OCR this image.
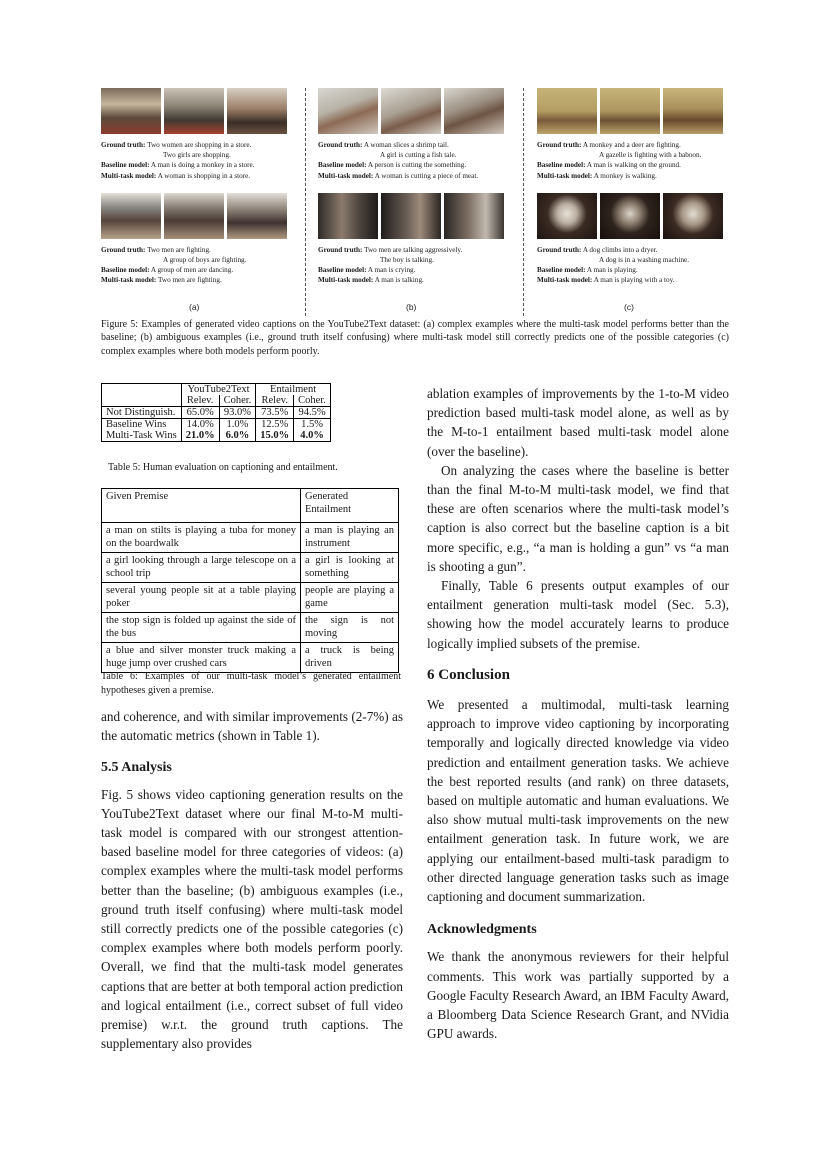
Ground truth: Two women are shopping in a store.
Two girls are shopping.
Baseline model: A man is doing a monkey in a store.
Multi-task model: A woman is shopping in a store.
Ground truth: Two men are fighting.
A group of boys are fighting.
Baseline model: A group of men are dancing.
Multi-task model: Two men are fighting.
(a)
Ground truth: A woman slices a shrimp tail.
A girl is cutting a fish tale.
Baseline model: A person is cutting the something.
Multi-task model: A woman is cutting a piece of meat.
Ground truth: Two men are talking aggressively.
The boy is talking.
Baseline model: A man is crying.
Multi-task model: A man is talking.
(b)
Ground truth: A monkey and a deer are fighting.
A gazelle is fighting with a baboon.
Baseline model: A man is walking on the ground.
Multi-task model: A monkey is walking.
Ground truth: A dog climbs into a dryer.
A dog is in a washing machine.
Baseline model: A man is playing.
Multi-task model: A man is playing with a toy.
(c)
Figure 5: Examples of generated video captions on the YouTube2Text dataset: (a) complex examples where the multi-task model performs better than the baseline; (b) ambiguous examples (i.e., ground truth itself confusing) where multi-task model still correctly predicts one of the possible categories (c) complex examples where both models perform poorly.
	YouTube2Text		Entailment	
	Relev.	Coher.	Relev.	Coher.
Not Distinguish.	65.0%	93.0%	73.5%	94.5%
Baseline Wins	14.0%	1.0%	12.5%	1.5%
Multi-Task Wins	21.0%	6.0%	15.0%	4.0%
Table 5: Human evaluation on captioning and entailment.
Given Premise	Generated Entailment
a man on stilts is playing a tuba for money on the boardwalk	a man is playing an instrument
a girl looking through a large telescope on a school trip	a girl is looking at something
several young people sit at a table playing poker	people are playing a game
the stop sign is folded up against the side of the bus	the sign is not moving
a blue and silver monster truck making a huge jump over crushed cars	a truck is being driven
Table 6: Examples of our multi-task model’s generated entailment hypotheses given a premise.

and coherence, and with similar improvements (2-7%) as the automatic metrics (shown in Table 1).

5.5 Analysis

Fig. 5 shows video captioning generation results on the YouTube2Text dataset where our final M-to-M multi-task model is compared with our strongest attention-based baseline model for three categories of videos: (a) complex examples where the multi-task model performs better than the baseline; (b) ambiguous examples (i.e., ground truth itself confusing) where multi-task model still correctly predicts one of the possible categories (c) complex examples where both models perform poorly. Overall, we find that the multi-task model generates captions that are better at both temporal action prediction and logical entailment (i.e., correct subset of full video premise) w.r.t. the ground truth captions. The supplementary also provides

ablation examples of improvements by the 1-to-M video prediction based multi-task model alone, as well as by the M-to-1 entailment based multi-task model alone (over the baseline).

On analyzing the cases where the baseline is better than the final M-to-M multi-task model, we find that these are often scenarios where the multi-task model’s caption is also correct but the baseline caption is a bit more specific, e.g., “a man is holding a gun” vs “a man is shooting a gun”.

Finally, Table 6 presents output examples of our entailment generation multi-task model (Sec. 5.3), showing how the model accurately learns to produce logically implied subsets of the premise.

6 Conclusion

We presented a multimodal, multi-task learning approach to improve video captioning by incorporating temporally and logically directed knowledge via video prediction and entailment generation tasks. We achieve the best reported results (and rank) on three datasets, based on multiple automatic and human evaluations. We also show mutual multi-task improvements on the new entailment generation task. In future work, we are applying our entailment-based multi-task paradigm to other directed language generation tasks such as image captioning and document summarization.

Acknowledgments

We thank the anonymous reviewers for their helpful comments. This work was partially supported by a Google Faculty Research Award, an IBM Faculty Award, a Bloomberg Data Science Research Grant, and NVidia GPU awards.
